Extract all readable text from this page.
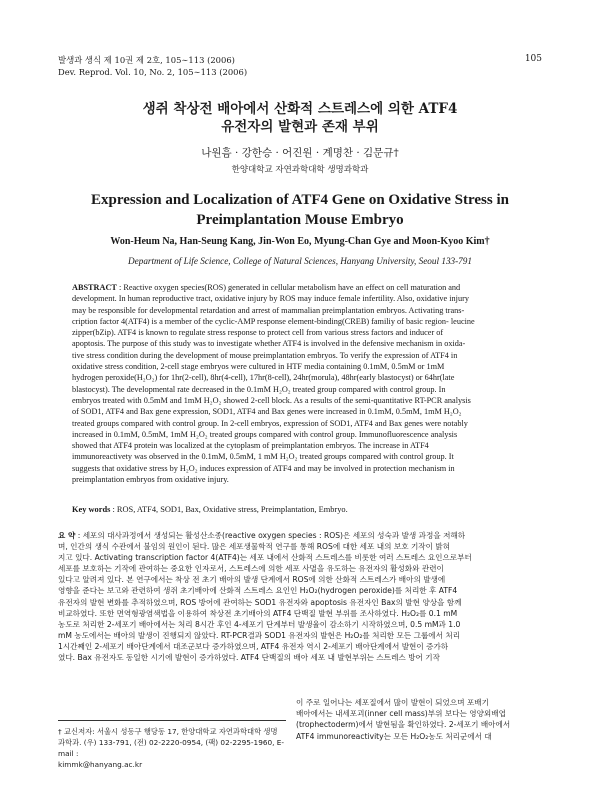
발생과 생식 제 10권 제 2호, 105∼113 (2006)
Dev. Reprod. Vol. 10, No. 2, 105∼113 (2006)
105
생쥐 착상전 배아에서 산화적 스트레스에 의한 ATF4
유전자의 발현과 존재 부위
나원흠 · 강한승 · 어진원 · 계명찬 · 김문규†
한양대학교 자연과학대학 생명과학과
Expression and Localization of ATF4 Gene on Oxidative Stress in
Preimplantation Mouse Embryo
Won-Heum Na, Han-Seung Kang, Jin-Won Eo, Myung-Chan Gye and Moon-Kyoo Kim†
Department of Life Science, College of Natural Sciences, Hanyang University, Seoul 133-791
ABSTRACT : Reactive oxygen species(ROS) generated in cellular metabolism have an effect on cell maturation and
development. In human reproductive tract, oxidative injury by ROS may induce female infertility. Also, oxidative injury
may be responsible for developmental retardation and arrest of mammalian preimplantation embryos. Activating trans-
cription factor 4(ATF4) is a member of the cyclic-AMP response element-binding(CREB) familiy of basic region- leucine
zipper(bZip). ATF4 is known to regulate stress response to protect cell from various stress factors and inducer of
apoptosis. The purpose of this study was to investigate whether ATF4 is involved in the defensive mechanism in oxida-
tive stress condition during the development of mouse preimplantation embryos. To verify the expression of ATF4 in
oxidative stress condition, 2-cell stage embryos were cultured in HTF media containing 0.1mM, 0.5mM or 1mM
hydrogen peroxide(H₂O₂) for 1hr(2-cell), 8hr(4-cell), 17hr(8-cell), 24hr(morula), 48hr(early blastocyst) or 64hr(late
blastocyst). The developmental rate decreased in the 0.1mM H₂O₂ treated group compared with control group. In
embryos treated with 0.5mM and 1mM H₂O₂ showed 2-cell block. As a results of the semi-quantitative RT-PCR analysis
of SOD1, ATF4 and Bax gene expression, SOD1, ATF4 and Bax genes were increased in 0.1mM, 0.5mM, 1mM H₂O₂
treated groups compared with control group. In 2-cell embryos, expression of SOD1, ATF4 and Bax genes were notably
increased in 0.1mM, 0.5mM, 1mM H₂O₂ treated groups compared with control group. Immunofluorescence analysis
showed that ATF4 protein was localized at the cytoplasm of preimplantation embryos. The increase in ATF4
immunoreactivety was observed in the 0.1mM, 0.5mM, 1 mM H₂O₂ treated groups compared with control group. It
suggests that oxidative stress by H₂O₂ induces expression of ATF4 and may be involved in protection mechanism in
preimplantation embryos from oxidative injury.
Key words : ROS, ATF4, SOD1, Bax, Oxidative stress, Preimplantation, Embryo.
요 약 : 세포의 대사과정에서 생성되는 활성산소종(reactive oxygen species : ROS)은 세포의 성숙과 발생 과정을 저해하
며, 인간의 생식 수관에서 불임의 원인이 된다. 많은 세포생물학적 연구를 통해 ROS에 대한 세포 내의 보호 기작이 밝혀
지고 있다. Activating transcription factor 4(ATF4)는 세포 내에서 산화적 스트레스를 비롯한 여러 스트레스 요인으로부터
세포를 보호하는 기작에 관여하는 중요한 인자로서, 스트레스에 의한 세포 사멸을 유도하는 유전자의 활성화와 관련이
있다고 알려져 있다. 본 연구에서는 착상 전 초기 배아의 발생 단계에서 ROS에 의한 산화적 스트레스가 배아의 발생에
영향을 준다는 보고와 관련하여 생쥐 초기배아에 산화적 스트레스 요인인 H₂O₂(hydrogen peroxide)를 처리한 후 ATF4
유전자의 발현 변화를 추적하였으며, ROS 방어에 관여하는 SOD1 유전자와 apoptosis 유전자인 Bax의 발현 양상을 함께
비교하였다. 또한 면역형광염색법을 이용하여 착상전 초기배아의 ATF4 단백질 발현 부위를 조사하였다. H₂O₂를 0.1 mM
농도로 처리한 2-세포기 배아에서는 처리 8시간 후인 4-세포기 단계부터 발생율이 감소하기 시작하였으며, 0.5 mM과 1.0
mM 농도에서는 배아의 발생이 진행되지 않았다. RT-PCR결과 SOD1 유전자의 발현은 H₂O₂를 처리한 모든 그룹에서 처리
1시간째인 2-세포기 배아단계에서 대조군보다 증가하였으며, ATF4 유전자 역시 2-세포기 배아단계에서 발현이 증가하
였다. Bax 유전자도 동일한 시기에 발현이 증가하였다. ATF4 단백질의 배아 세포 내 발현부위는 스트레스 방어 기작
이 주로 일어나는 세포질에서 많이 발현이 되었으며 포배기
배아에서는 내세포괴(inner cell mass)부위 보다는 영양외배엽
(trophectoderm)에서 발현됨을 확인하였다. 2-세포기 배아에서
ATF4 immunoreactivity는 모든 H₂O₂농도 처리군에서 대
† 교신저자: 서울시 성동구 행당동 17, 한양대학교 자연과학대학 생명
과학과. (우) 133-791, (전) 02-2220-0954, (팩) 02-2295-1960, E-mail :
kimmk@hanyang.ac.kr
